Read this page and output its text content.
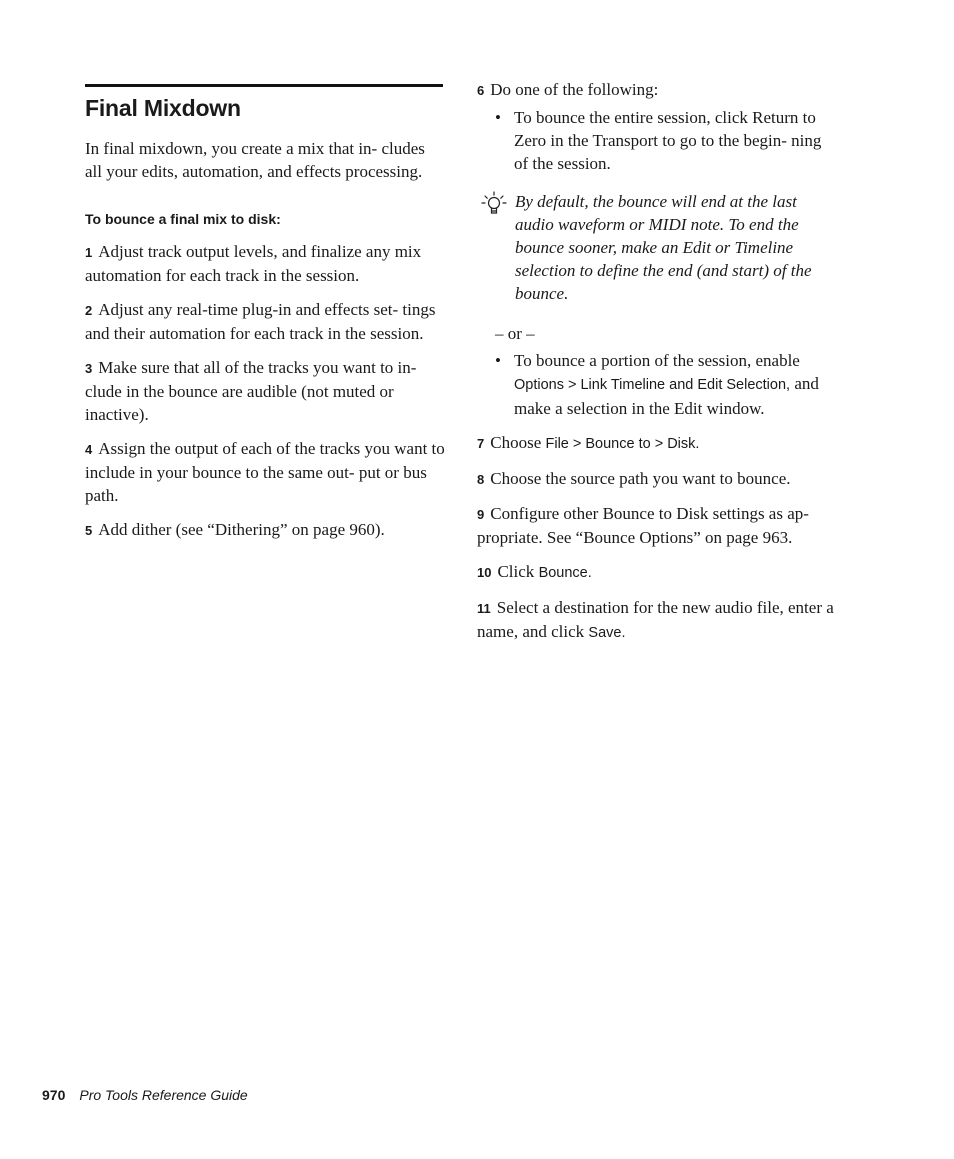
Final Mixdown

In final mixdown, you create a mix that in- cludes all your edits, automation, and effects processing.

To bounce a final mix to disk:
1 Adjust track output levels, and finalize any mix automation for each track in the session.
2 Adjust any real-time plug-in and effects set- tings and their automation for each track in the session.
3 Make sure that all of the tracks you want to in- clude in the bounce are audible (not muted or inactive).
4 Assign the output of each of the tracks you want to include in your bounce to the same out- put or bus path.
5 Add dither (see “Dithering” on page 960).
6 Do one of the following:
• To bounce the entire session, click Return to Zero in the Transport to go to the begin- ning of the session.
By default, the bounce will end at the last audio waveform or MIDI note. To end the bounce sooner, make an Edit or Timeline selection to define the end (and start) of the bounce.
– or –
• To bounce a portion of the session, enable Options > Link Timeline and Edit Selection, and make a selection in the Edit window.
7 Choose File > Bounce to > Disk.
8 Choose the source path you want to bounce.
9 Configure other Bounce to Disk settings as ap- propriate. See “Bounce Options” on page 963.
10 Click Bounce.
11 Select a destination for the new audio file, enter a name, and click Save.
970 Pro Tools Reference Guide
